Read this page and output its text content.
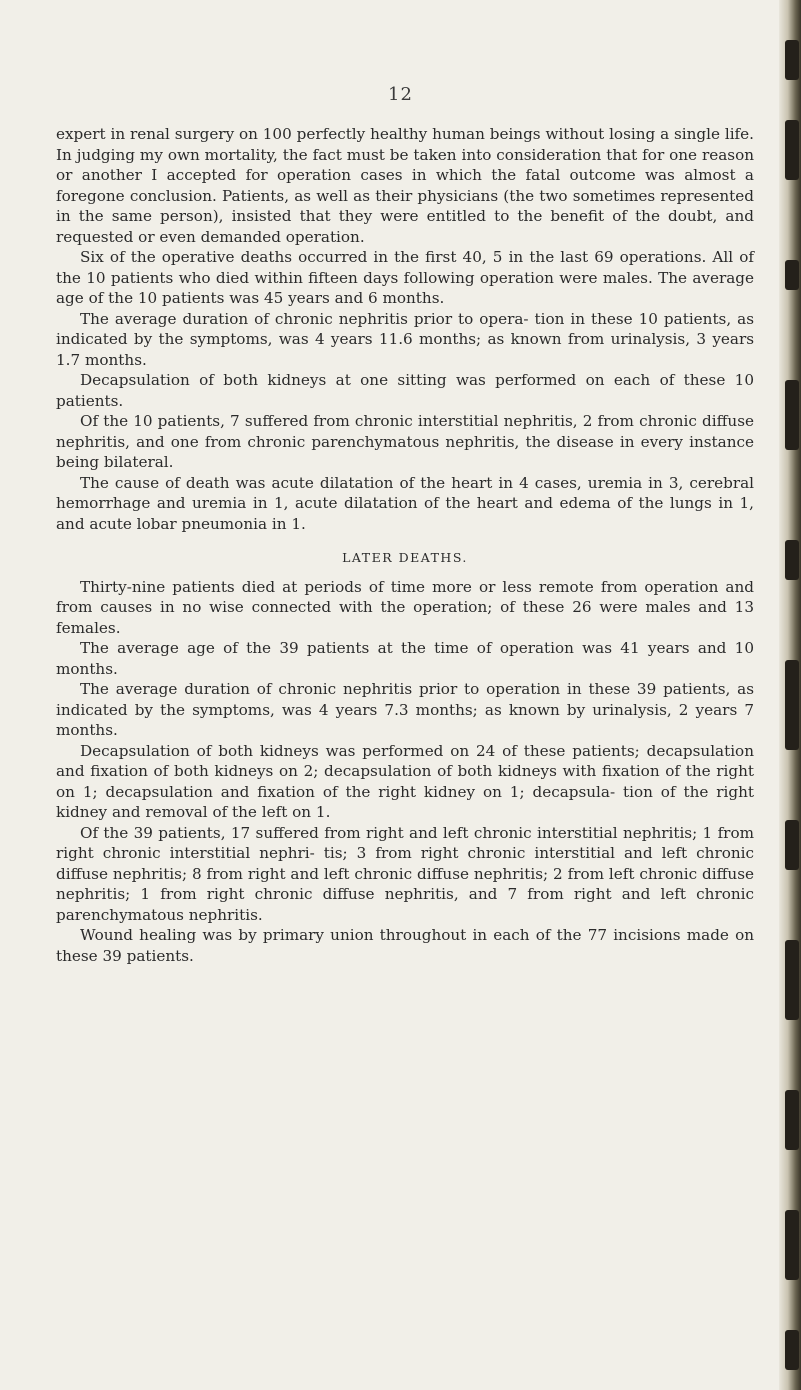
12

expert in renal surgery on 100 perfectly healthy human beings without losing a single life. In judging my own mortality, the fact must be taken into consideration that for one reason or another I accepted for operation cases in which the fatal outcome was almost a foregone conclusion. Patients, as well as their physicians (the two sometimes represented in the same person), insisted that they were entitled to the benefit of the doubt, and requested or even demanded operation.

Six of the operative deaths occurred in the first 40, 5 in the last 69 operations. All of the 10 patients who died within fifteen days following operation were males. The average age of the 10 patients was 45 years and 6 months.

The average duration of chronic nephritis prior to opera- tion in these 10 patients, as indicated by the symptoms, was 4 years 11.6 months; as known from urinalysis, 3 years 1.7 months.

Decapsulation of both kidneys at one sitting was performed on each of these 10 patients.

Of the 10 patients, 7 suffered from chronic interstitial nephritis, 2 from chronic diffuse nephritis, and one from chronic parenchymatous nephritis, the disease in every instance being bilateral.

The cause of death was acute dilatation of the heart in 4 cases, uremia in 3, cerebral hemorrhage and uremia in 1, acute dilatation of the heart and edema of the lungs in 1, and acute lobar pneumonia in 1.

LATER DEATHS.

Thirty-nine patients died at periods of time more or less remote from operation and from causes in no wise connected with the operation; of these 26 were males and 13 females.

The average age of the 39 patients at the time of operation was 41 years and 10 months.

The average duration of chronic nephritis prior to operation in these 39 patients, as indicated by the symptoms, was 4 years 7.3 months; as known by urinalysis, 2 years 7 months.

Decapsulation of both kidneys was performed on 24 of these patients; decapsulation and fixation of both kidneys on 2; decapsulation of both kidneys with fixation of the right on 1; decapsulation and fixation of the right kidney on 1; decapsula- tion of the right kidney and removal of the left on 1.

Of the 39 patients, 17 suffered from right and left chronic interstitial nephritis; 1 from right chronic interstitial nephri- tis; 3 from right chronic interstitial and left chronic diffuse nephritis; 8 from right and left chronic diffuse nephritis; 2 from left chronic diffuse nephritis; 1 from right chronic diffuse nephritis, and 7 from right and left chronic parenchymatous nephritis.

Wound healing was by primary union throughout in each of the 77 incisions made on these 39 patients.
